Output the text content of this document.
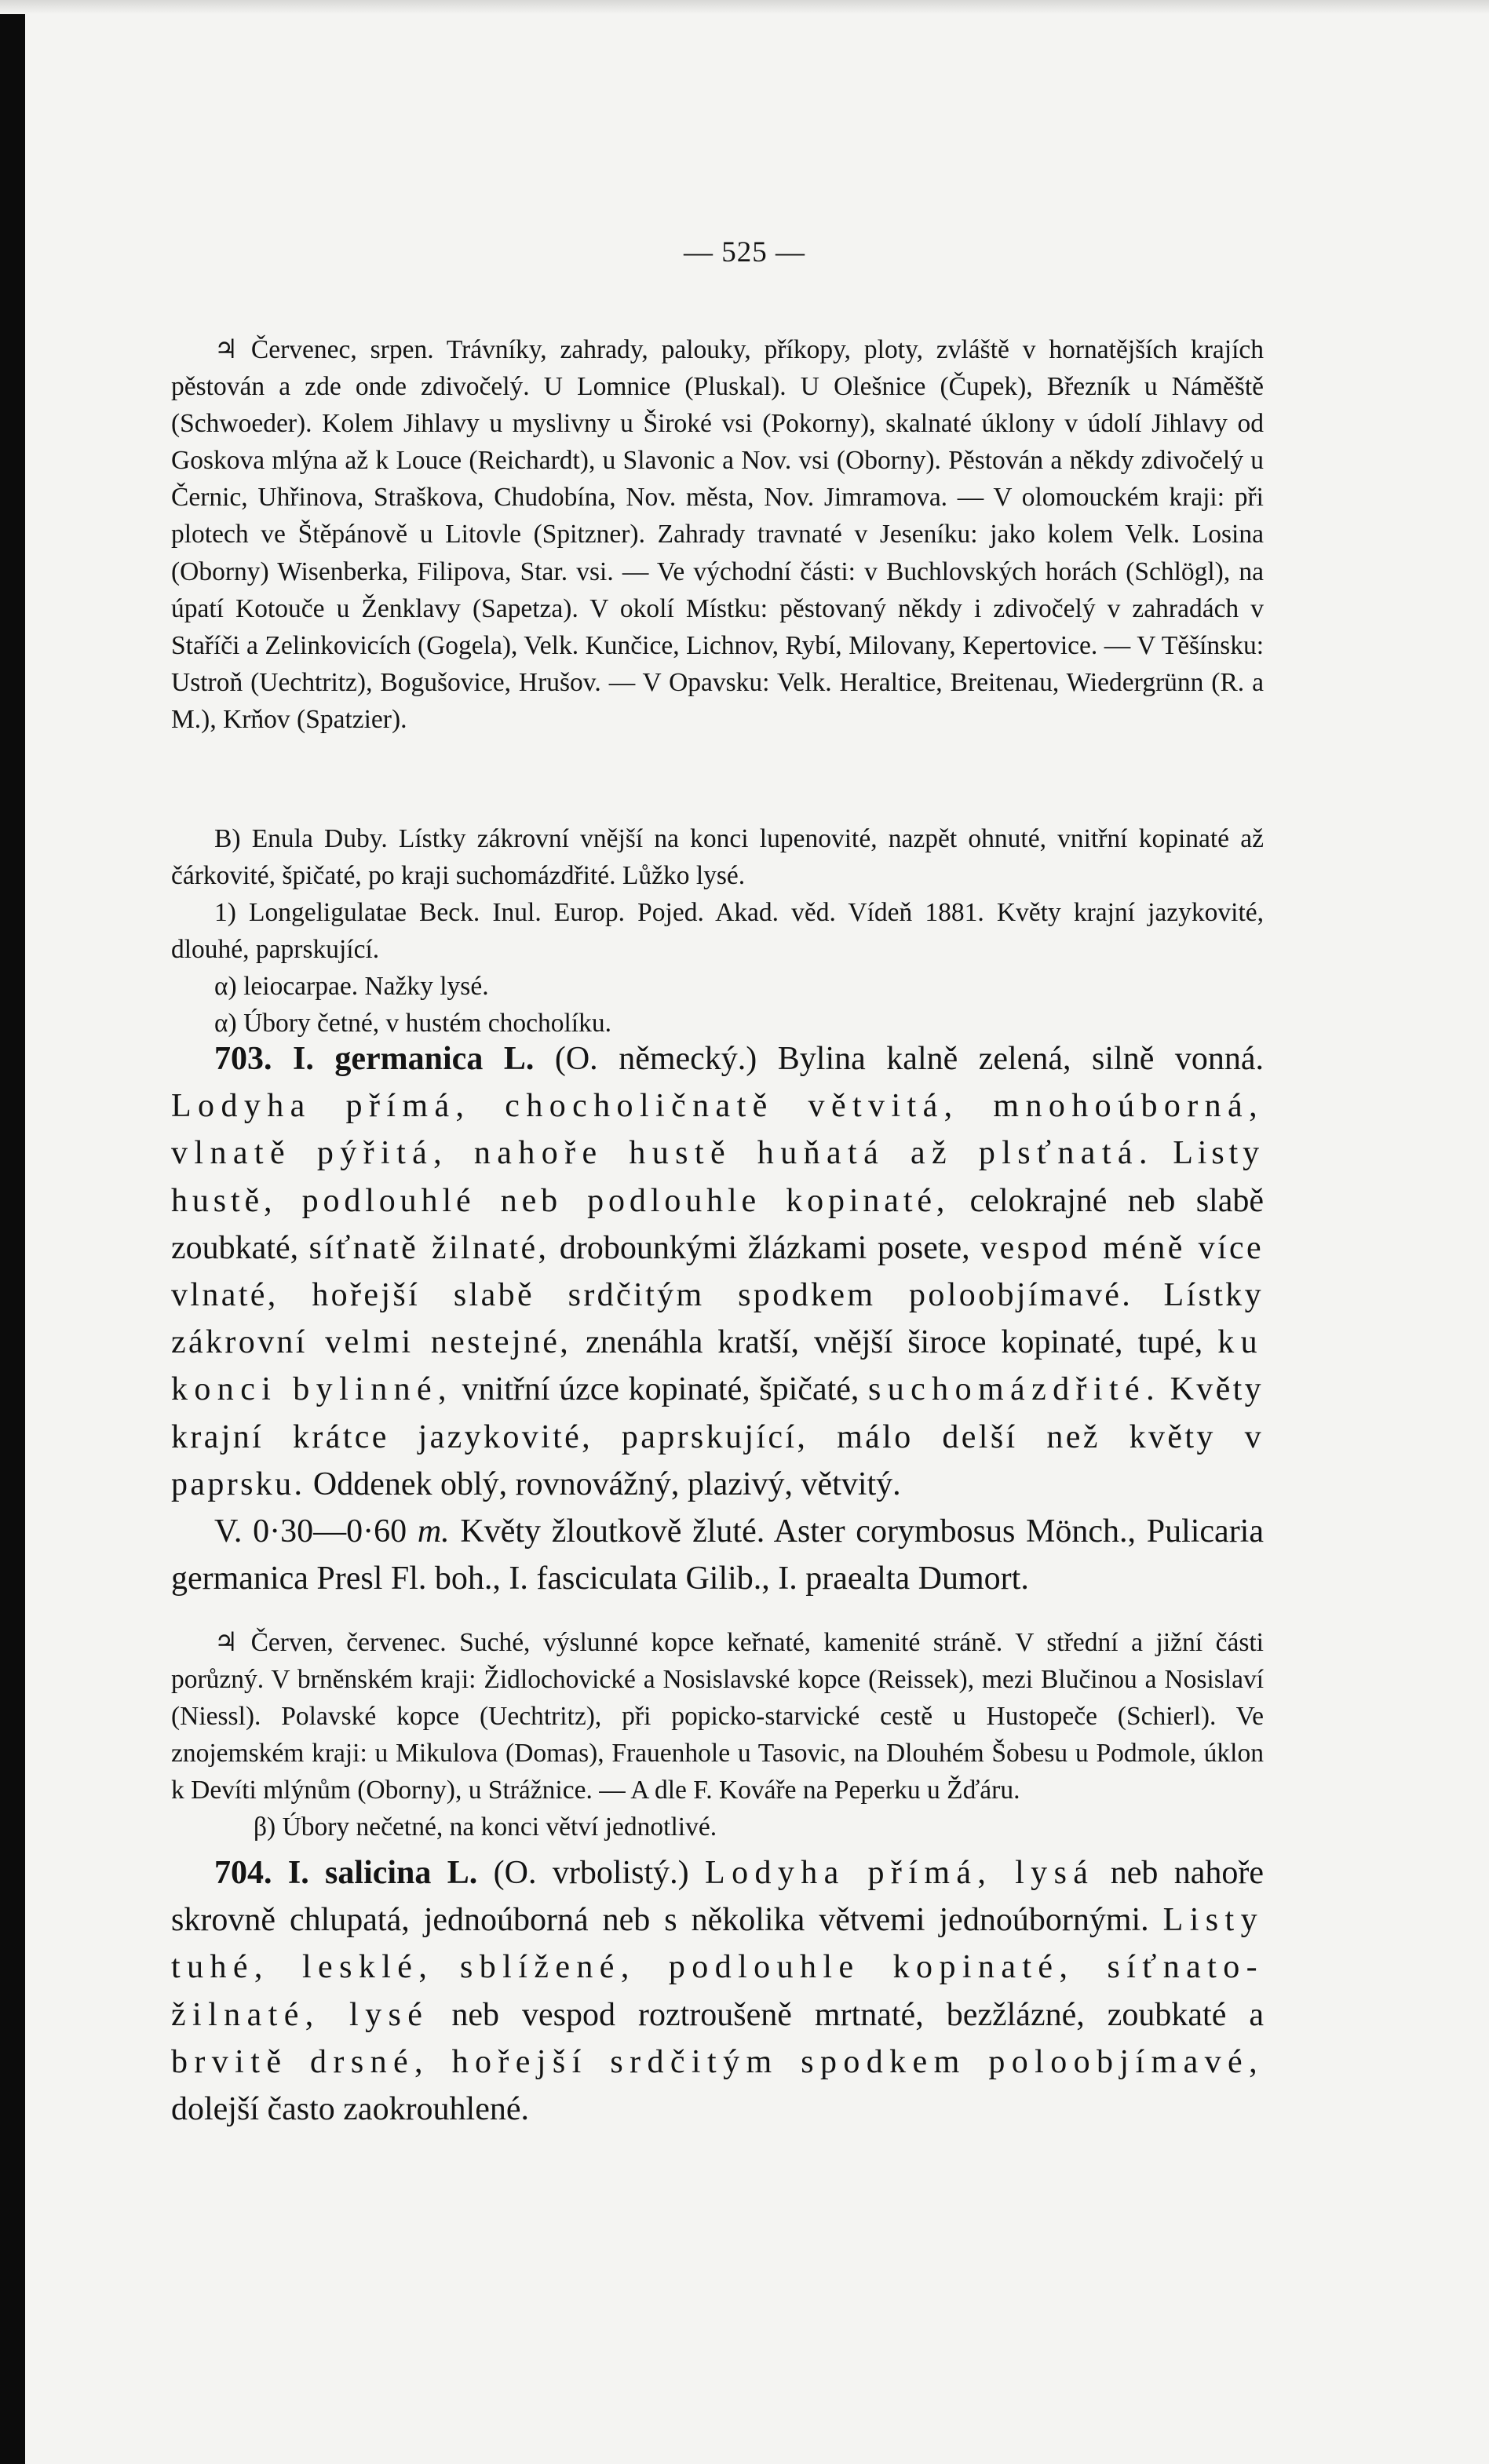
— 525 —

♃ Červenec, srpen. Trávníky, zahrady, palouky, příkopy, ploty, zvláště v hornatějších krajích pěstován a zde onde zdivočelý. U Lomnice (Pluskal). U Olešnice (Čupek), Březník u Náměště (Schwoeder). Kolem Jihlavy u myslivny u Široké vsi (Pokorny), skalnaté úklony v údolí Jihlavy od Goskova mlýna až k Louce (Reichardt), u Slavonic a Nov. vsi (Oborny). Pěstován a někdy zdivočelý u Černic, Uhřinova, Straškova, Chudobína, Nov. města, Nov. Jimramova. — V olomouckém kraji: při plotech ve Štěpánově u Litovle (Spitzner). Zahrady travnaté v Jeseníku: jako kolem Velk. Losina (Oborny) Wisenberka, Filipova, Star. vsi. — Ve východní části: v Buchlovských horách (Schlögl), na úpatí Kotouče u Ženklavy (Sapetza). V okolí Místku: pěstovaný někdy i zdivočelý v zahradách v Staříči a Zelinkovicích (Gogela), Velk. Kunčice, Lichnov, Rybí, Milovany, Kepertovice. — V Těšínsku: Ustroň (Uechtritz), Bogušovice, Hrušov. — V Opavsku: Velk. Heraltice, Breitenau, Wiedergrünn (R. a M.), Krňov (Spatzier).

B) Enula Duby. Lístky zákrovní vnější na konci lupenovité, nazpět ohnuté, vnitřní kopinaté až čárkovité, špičaté, po kraji suchomázdřité. Lůžko lysé.

1) Longeligulatae Beck. Inul. Europ. Pojed. Akad. věd. Vídeň 1881. Květy krajní jazykovité, dlouhé, paprskující.

α) leiocarpae. Nažky lysé.

α) Úbory četné, v hustém chocholíku.

703. I. germanica L. (O. německý.) Bylina kalně zelená, silně vonná. Lodyha přímá, chocholičnatě větvitá, mnohoúborná, vlnatě pýřitá, nahoře hustě huňatá až plsťnatá. Listy hustě, podlouhlé neb podlouhle kopinaté, celokrajné neb slabě zoubkaté, síťnatě žilnaté, drobounkými žlázkami posete, vespod méně více vlnaté, hořejší slabě srdčitým spodkem poloobjímavé. Lístky zákrovní velmi nestejné, znenáhla kratší, vnější široce kopinaté, tupé, ku konci bylinné, vnitřní úzce kopinaté, špičaté, suchomázdřité. Květy krajní krátce jazykovité, paprskující, málo delší než květy v paprsku. Oddenek oblý, rovnovážný, plazivý, větvitý.

V. 0·30—0·60 m. Květy žloutkově žluté. Aster corymbosus Mönch., Pulicaria germanica Presl Fl. boh., I. fasciculata Gilib., I. praealta Dumort.

♃ Červen, červenec. Suché, výslunné kopce keřnaté, kamenité stráně. V střední a jižní části porůzný. V brněnském kraji: Židlochovické a Nosislavské kopce (Reissek), mezi Blučinou a Nosislaví (Niessl). Polavské kopce (Uechtritz), při popicko-starvické cestě u Hustopeče (Schierl). Ve znojemském kraji: u Mikulova (Domas), Frauenhole u Tasovic, na Dlouhém Šobesu u Podmole, úklon k Devíti mlýnům (Oborny), u Strážnice. — A dle F. Kováře na Peperku u Žďáru.

β) Úbory nečetné, na konci větví jednotlivé.

704. I. salicina L. (O. vrbolistý.) Lodyha přímá, lysá neb nahoře skrovně chlupatá, jednoúborná neb s několika větvemi jednoúbornými. Listy tuhé, lesklé, sblížené, podlouhle kopinaté, síťnato-žilnaté, lysé neb vespod roztroušeně mrtnaté, bezžlázné, zoubkaté a brvitě drsné, hořejší srdčitým spodkem poloobjímavé, dolejší často zaokrouhlené.
